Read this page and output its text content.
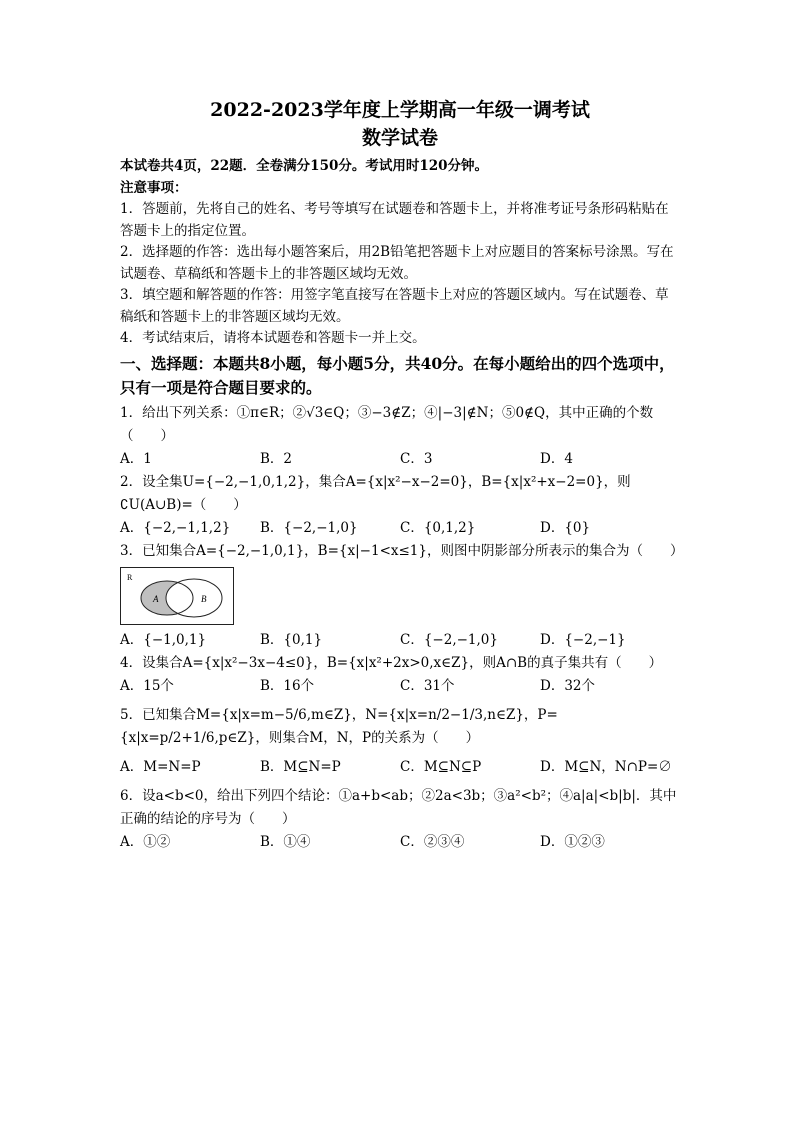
2022-2023学年度上学期高一年级一调考试
数学试卷

本试卷共4页，22题．全卷满分150分。考试用时120分钟。

注意事项：

1．答题前，先将自己的姓名、考号等填写在试题卷和答题卡上，并将准考证号条形码粘贴在答题卡上的指定位置。

2．选择题的作答：选出每小题答案后，用2B铅笔把答题卡上对应题目的答案标号涂黑。写在试题卷、草稿纸和答题卡上的非答题区域均无效。

3．填空题和解答题的作答：用签字笔直接写在答题卡上对应的答题区域内。写在试题卷、草稿纸和答题卡上的非答题区域均无效。

4．考试结束后，请将本试题卷和答题卡一并上交。

一、选择题：本题共8小题，每小题5分，共40分。在每小题给出的四个选项中，只有一项是符合题目要求的。
1．给出下列关系：①π∈R；②√3∈Q；③−3∉Z；④|−3|∉N；⑤0∉Q，其中正确的个数（　　）
A．1	B．2	C．3	D．4
2．设全集U={−2,−1,0,1,2}，集合A={x|x²−x−2=0}，B={x|x²+x−2=0}，则∁U(A∪B)=（　　）
A．{−2,−1,1,2}	B．{−2,−1,0}	C．{0,1,2}	D．{0}
3．已知集合A={−2,−1,0,1}，B={x|−1<x≤1}，则图中阴影部分所表示的集合为（　　）
R
A	B
A．{−1,0,1}	B．{0,1}	C．{−2,−1,0}	D．{−2,−1}
4．设集合A={x|x²−3x−4≤0}，B={x|x²+2x>0,x∈Z}，则A∩B的真子集共有（　　）
A．15个	B．16个	C．31个	D．32个
5．已知集合M={x|x=m−5/6,m∈Z}，N={x|x=n/2−1/3,n∈Z}，P={x|x=p/2+1/6,p∈Z}，则集合M，N，P的关系为（　　）
A．M=N=P	B．M⊆N=P	C．M⊆N⊆P	D．M⊆N，N∩P=∅
6．设a<b<0，给出下列四个结论：①a+b<ab；②2a<3b；③a²<b²；④a|a|<b|b|．其中正确的结论的序号为（　　）
A．①②	B．①④	C．②③④	D．①②③
